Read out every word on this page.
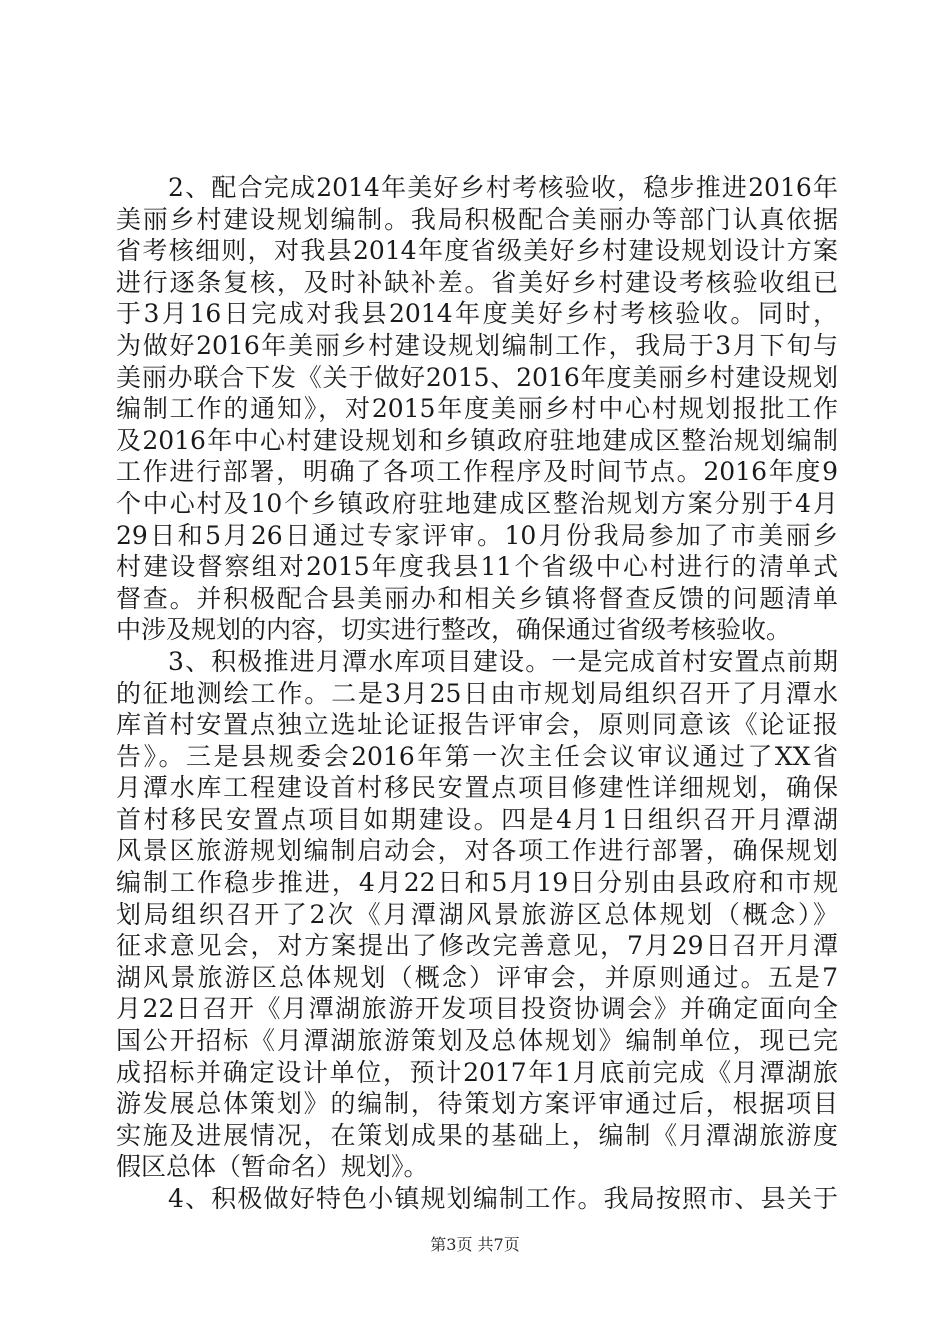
2、配合完成2014年美好乡村考核验收，稳步推进2016年
美丽乡村建设规划编制。我局积极配合美丽办等部门认真依据
省考核细则，对我县2014年度省级美好乡村建设规划设计方案
进行逐条复核，及时补缺补差。省美好乡村建设考核验收组已
于3月16日完成对我县2014年度美好乡村考核验收。同时，
为做好2016年美丽乡村建设规划编制工作，我局于3月下旬与
美丽办联合下发《关于做好2015、2016年度美丽乡村建设规划
编制工作的通知》，对2015年度美丽乡村中心村规划报批工作
及2016年中心村建设规划和乡镇政府驻地建成区整治规划编制
工作进行部署，明确了各项工作程序及时间节点。2016年度9
个中心村及10个乡镇政府驻地建成区整治规划方案分别于4月
29日和5月26日通过专家评审。10月份我局参加了市美丽乡
村建设督察组对2015年度我县11个省级中心村进行的清单式
督查。并积极配合县美丽办和相关乡镇将督查反馈的问题清单
中涉及规划的内容，切实进行整改，确保通过省级考核验收。
3、积极推进月潭水库项目建设。一是完成首村安置点前期
的征地测绘工作。二是3月25日由市规划局组织召开了月潭水
库首村安置点独立选址论证报告评审会，原则同意该《论证报
告》。三是县规委会2016年第一次主任会议审议通过了XX省
月潭水库工程建设首村移民安置点项目修建性详细规划，确保
首村移民安置点项目如期建设。四是4月1日组织召开月潭湖
风景区旅游规划编制启动会，对各项工作进行部署，确保规划
编制工作稳步推进，4月22日和5月19日分别由县政府和市规
划局组织召开了2次《月潭湖风景旅游区总体规划（概念）》
征求意见会，对方案提出了修改完善意见，7月29日召开月潭
湖风景旅游区总体规划（概念）评审会，并原则通过。五是7
月22日召开《月潭湖旅游开发项目投资协调会》并确定面向全
国公开招标《月潭湖旅游策划及总体规划》编制单位，现已完
成招标并确定设计单位，预计2017年1月底前完成《月潭湖旅
游发展总体策划》的编制，待策划方案评审通过后，根据项目
实施及进展情况，在策划成果的基础上，编制《月潭湖旅游度
假区总体（暂命名）规划》。
4、积极做好特色小镇规划编制工作。我局按照市、县关于
第3页 共7页
